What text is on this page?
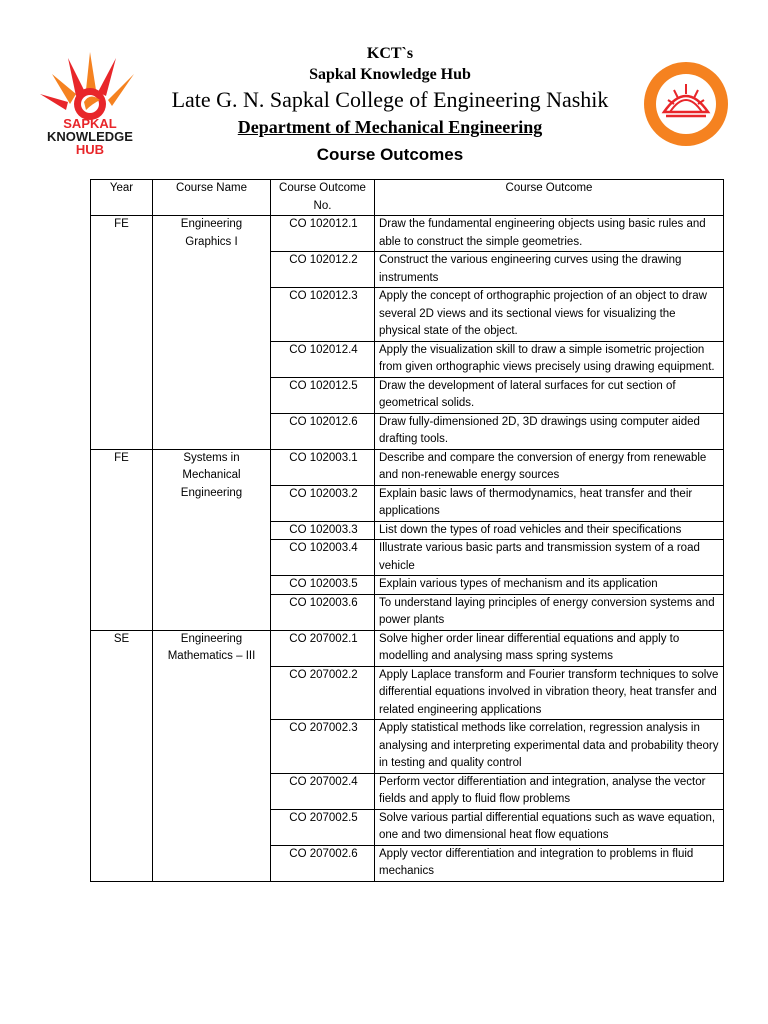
SAPKAL
KNOWLEDGE
HUB
KCT`s
Sapkal Knowledge Hub
Late G. N. Sapkal College of Engineering Nashik
Department of Mechanical Engineering
Course Outcomes
Year	Course Name	Course Outcome No.	Course Outcome
FE	Engineering Graphics I	CO 102012.1	Draw the fundamental engineering objects using basic rules and able to construct the simple geometries.
		CO 102012.2	Construct the various engineering curves using the drawing instruments
		CO 102012.3	Apply the concept of orthographic projection of an object to draw several 2D views and its sectional views for visualizing the physical state of the object.
		CO 102012.4	Apply the visualization skill to draw a simple isometric projection from given orthographic views precisely using drawing equipment.
		CO 102012.5	Draw the development of lateral surfaces for cut section of geometrical solids.
		CO 102012.6	Draw fully-dimensioned 2D, 3D drawings using computer aided drafting tools.
FE	Systems in Mechanical Engineering	CO 102003.1	Describe and compare the conversion of energy from renewable and non-renewable energy sources
		CO 102003.2	Explain basic laws of thermodynamics, heat transfer and their applications
		CO 102003.3	List down the types of road vehicles and their specifications
		CO 102003.4	Illustrate various basic parts and transmission system of a road vehicle
		CO 102003.5	Explain various types of mechanism and its application
		CO 102003.6	To understand laying principles of energy conversion systems and power plants
SE	Engineering Mathematics – III	CO 207002.1	Solve higher order linear differential equations and apply to modelling and analysing mass spring systems
		CO 207002.2	Apply Laplace transform and Fourier transform techniques to solve differential equations involved in vibration theory, heat transfer and related engineering applications
		CO 207002.3	Apply statistical methods like correlation, regression analysis in analysing and interpreting experimental data and probability theory in testing and quality control
		CO 207002.4	Perform vector differentiation and integration, analyse the vector fields and apply to fluid flow problems
		CO 207002.5	Solve various partial differential equations such as wave equation, one and two dimensional heat flow equations
		CO 207002.6	Apply vector differentiation and integration to problems in fluid mechanics
